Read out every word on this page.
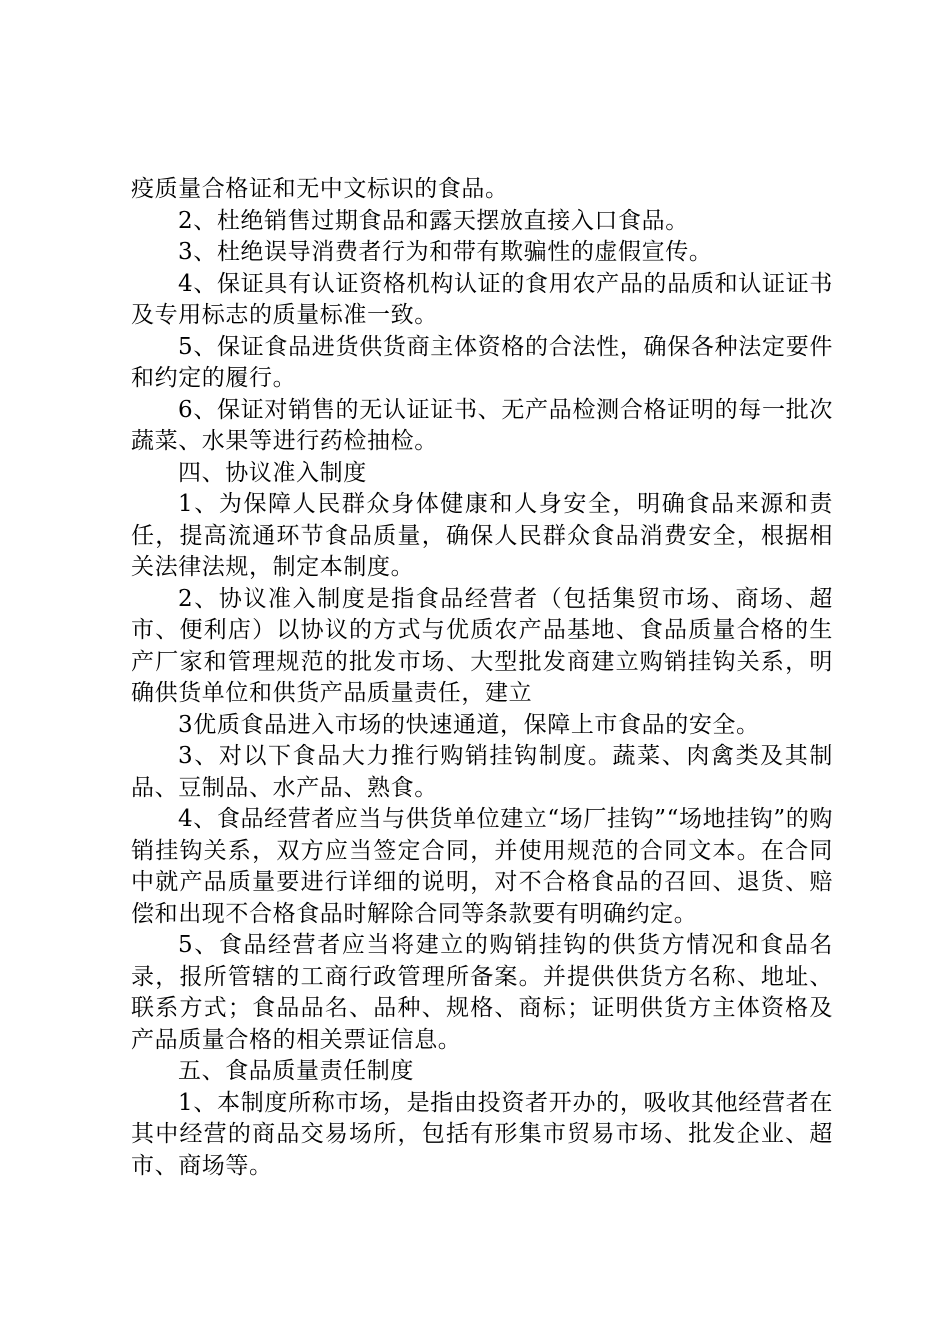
疫质量合格证和无中文标识的食品。

2、杜绝销售过期食品和露天摆放直接入口食品。

3、杜绝误导消费者行为和带有欺骗性的虚假宣传。

4、保证具有认证资格机构认证的食用农产品的品质和认证证书及专用标志的质量标准一致。

5、保证食品进货供货商主体资格的合法性，确保各种法定要件和约定的履行。

6、保证对销售的无认证证书、无产品检测合格证明的每一批次蔬菜、水果等进行药检抽检。

四、协议准入制度

1、为保障人民群众身体健康和人身安全，明确食品来源和责任，提高流通环节食品质量，确保人民群众食品消费安全，根据相关法律法规，制定本制度。

2、协议准入制度是指食品经营者（包括集贸市场、商场、超市、便利店）以协议的方式与优质农产品基地、食品质量合格的生产厂家和管理规范的批发市场、大型批发商建立购销挂钩关系，明确供货单位和供货产品质量责任，建立

3优质食品进入市场的快速通道，保障上市食品的安全。

3、对以下食品大力推行购销挂钩制度。蔬菜、肉禽类及其制品、豆制品、水产品、熟食。

4、食品经营者应当与供货单位建立“场厂挂钩”“场地挂钩”的购销挂钩关系，双方应当签定合同，并使用规范的合同文本。在合同中就产品质量要进行详细的说明，对不合格食品的召回、退货、赔偿和出现不合格食品时解除合同等条款要有明确约定。

5、食品经营者应当将建立的购销挂钩的供货方情况和食品名录，报所管辖的工商行政管理所备案。并提供供货方名称、地址、联系方式；食品品名、品种、规格、商标；证明供货方主体资格及产品质量合格的相关票证信息。

五、食品质量责任制度

1、本制度所称市场，是指由投资者开办的，吸收其他经营者在其中经营的商品交易场所，包括有形集市贸易市场、批发企业、超市、商场等。
